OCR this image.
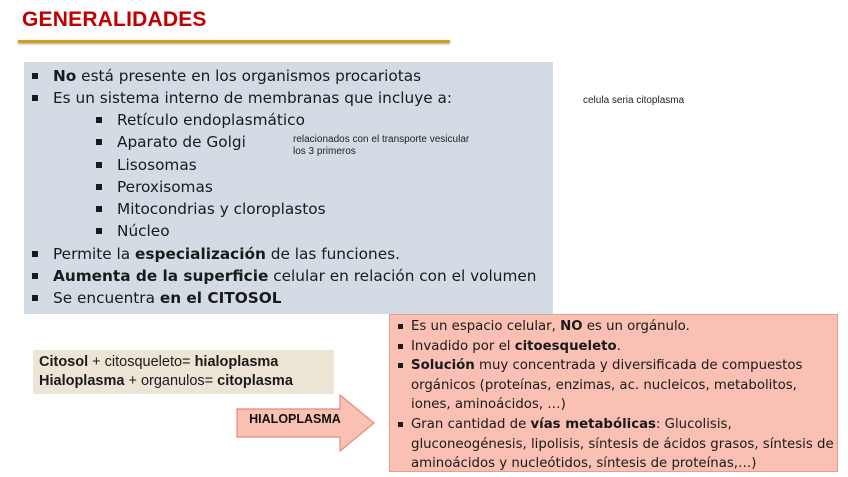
GENERALIDADES
No está presente en los organismos procariotas
Es un sistema interno de membranas que incluye a:
Retículo endoplasmático
Aparato de Golgi
Lisosomas
Peroxisomas
Mitocondrias y cloroplastos
Núcleo
Permite la especialización de las funciones.
Aumenta de la superficie celular en relación con el volumen
Se encuentra en el CITOSOL
relacionados con el transporte vesicular
los 3 primeros
celula seria citoplasma
Citosol + citosqueleto= hialoplasma
Hialoplasma + organulos= citoplasma
HIALOPLASMA
Es un espacio celular, NO es un orgánulo.
Invadido por el citoesqueleto.
Solución muy concentrada y diversificada de compuestos
orgánicos (proteínas, enzimas, ac. nucleicos, metabolitos,
iones, aminoácidos, …)
Gran cantidad de vías metabólicas: Glucolisis,
gluconeogénesis, lipolisis, síntesis de ácidos grasos, síntesis de
aminoácidos y nucleótidos, síntesis de proteínas,…)
